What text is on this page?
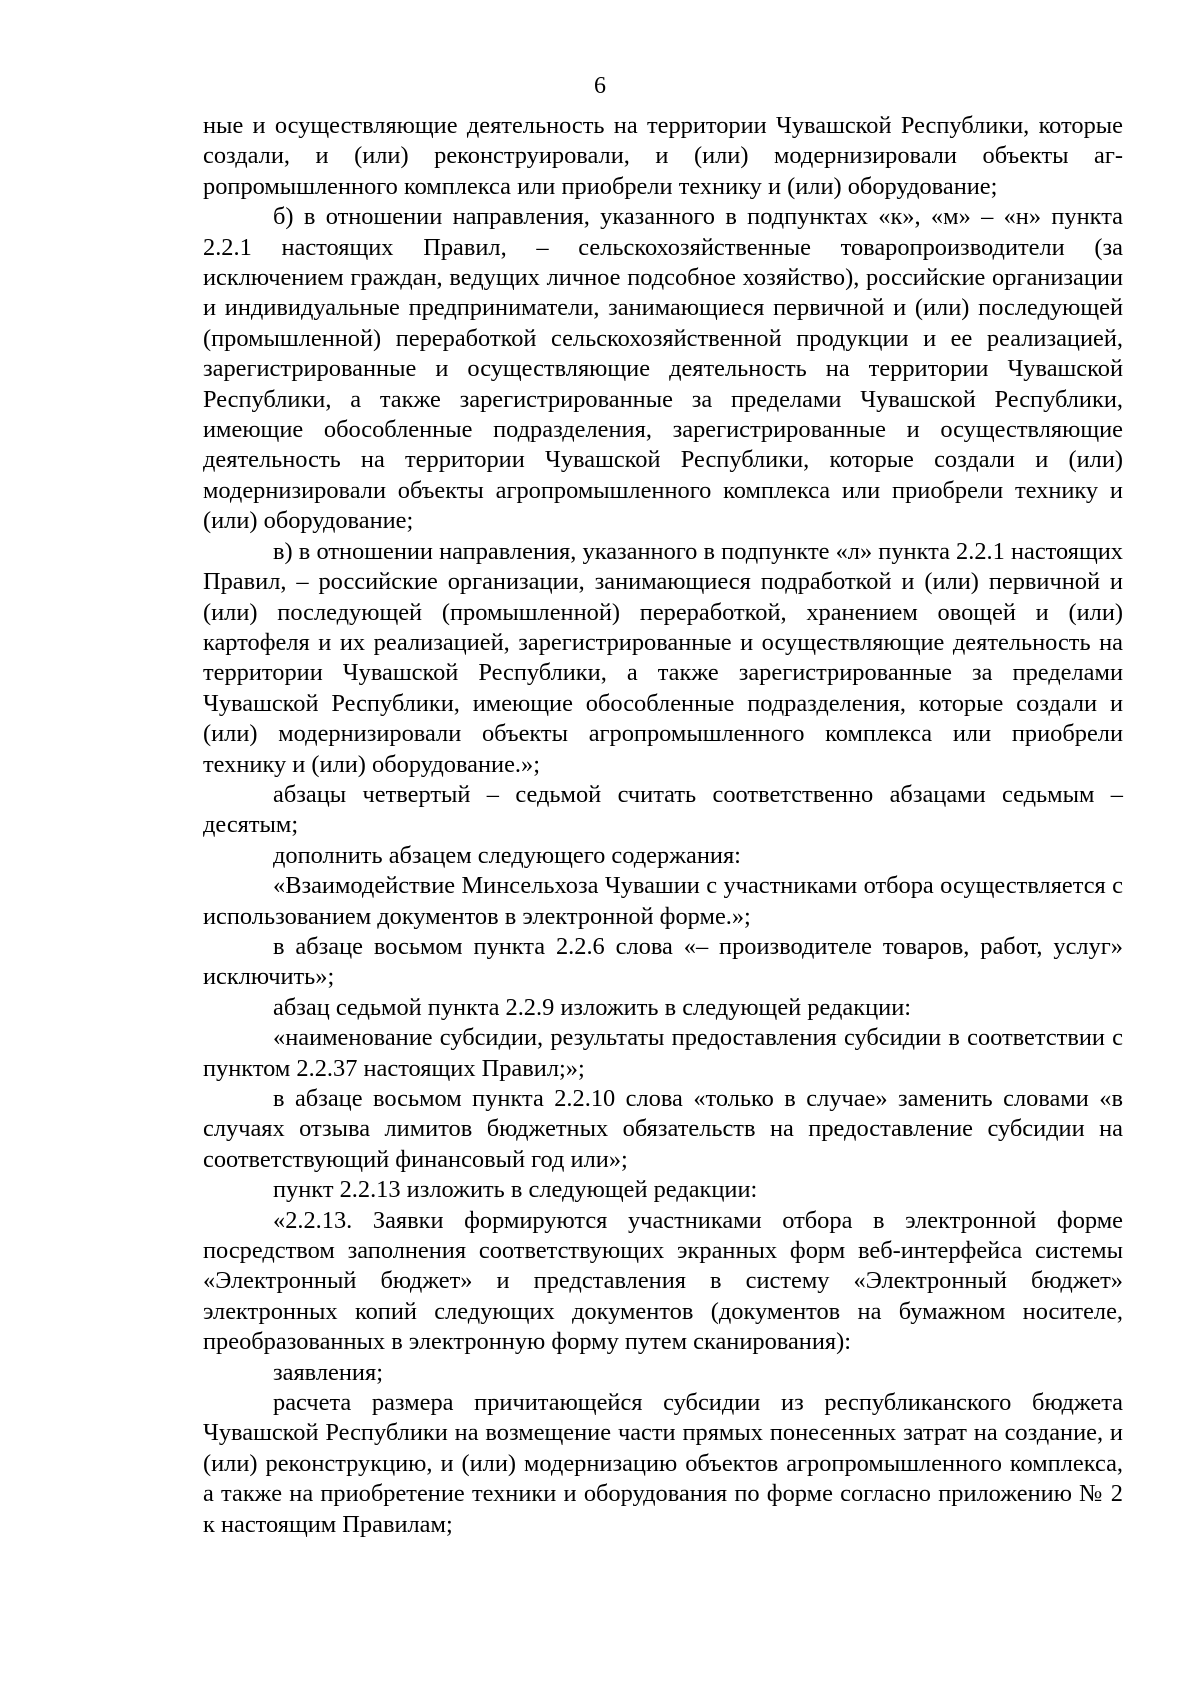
6

ные и осуществляющие деятельность на территории Чувашской Республики, которые создали, и (или) реконструировали, и (или) модернизировали объекты агропромышленного комплекса или приобрели технику и (или) оборудование;

б) в отношении направления, указанного в подпунктах «к», «м» – «н» пункта 2.2.1 настоящих Правил, – сельскохозяйственные товаропроизводители (за исключением граждан, ведущих личное подсобное хозяйство), российские организации и индивидуальные предприниматели, занимающиеся первичной и (или) последующей (промышленной) переработкой сельскохозяйственной продукции и ее реализацией, зарегистрированные и осуществляющие деятельность на территории Чувашской Республики, а также зарегистрированные за пределами Чувашской Республики, имеющие обособленные подразделения, зарегистрированные и осуществляющие деятельность на территории Чувашской Республики, которые создали и (или) модернизировали объекты агропромышленного комплекса или приобрели технику и (или) оборудование;

в) в отношении направления, указанного в подпункте «л» пункта 2.2.1 настоящих Правил, – российские организации, занимающиеся подработкой и (или) первичной и (или) последующей (промышленной) переработкой, хранением овощей и (или) картофеля и их реализацией, зарегистрированные и осуществляющие деятельность на территории Чувашской Республики, а также зарегистрированные за пределами Чувашской Республики, имеющие обособленные подразделения, которые создали и (или) модернизировали объекты агропромышленного комплекса или приобрели технику и (или) оборудование.»;

абзацы четвертый – седьмой считать соответственно абзацами седьмым – десятым;

дополнить абзацем следующего содержания:

«Взаимодействие Минсельхоза Чувашии с участниками отбора осуществляется с использованием документов в электронной форме.»;

в абзаце восьмом пункта 2.2.6 слова «– производителе товаров, работ, услуг» исключить»;

абзац седьмой пункта 2.2.9 изложить в следующей редакции:

«наименование субсидии, результаты предоставления субсидии в соответствии с пунктом 2.2.37 настоящих Правил;»;

в абзаце восьмом пункта 2.2.10 слова «только в случае» заменить словами «в случаях отзыва лимитов бюджетных обязательств на предоставление субсидии на соответствующий финансовый год или»;

пункт 2.2.13 изложить в следующей редакции:

«2.2.13. Заявки формируются участниками отбора в электронной форме посредством заполнения соответствующих экранных форм веб-интерфейса системы «Электронный бюджет» и представления в систему «Электронный бюджет» электронных копий следующих документов (документов на бумажном носителе, преобразованных в электронную форму путем сканирования):

заявления;

расчета размера причитающейся субсидии из республиканского бюджета Чувашской Республики на возмещение части прямых понесенных затрат на создание, и (или) реконструкцию, и (или) модернизацию объектов агропромышленного комплекса, а также на приобретение техники и оборудования по форме согласно приложению № 2 к настоящим Правилам;
